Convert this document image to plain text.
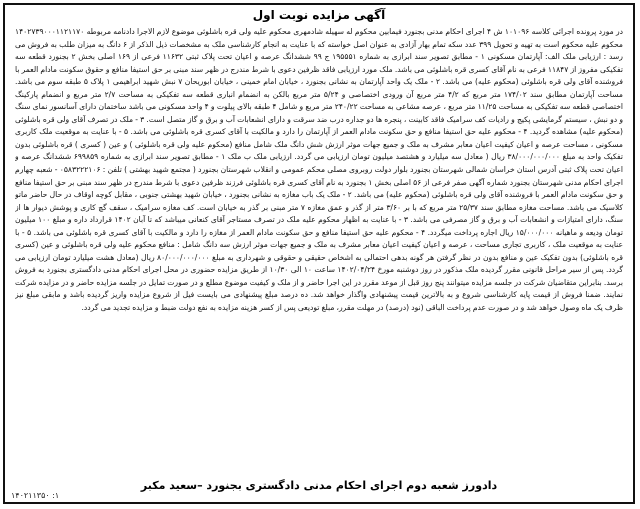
آگهی مزایده نوبت اول

در مورد پرونده اجرائی کلاسه ۱۰۱۰۹۶ ش ۴ اجرای احکام مدنی بجنورد فیمابین محکوم له سهیله شادمهری محکوم علیه ولی قره باشلوئی موضوع لازم الاجرا دادنامه مربوطه ۱۴۰۲۷۳۹۰۰۰۱۱۲۱۱۷۰ محکوم علیه محکوم است به تهیه و تحویل ۳۹۹ عدد سکه تمام بهار آزادی به عنوان اصل خواسته که با عنایت به انجام کارشناسی ملک به مشخصات ذیل الذکر از ۶ دانگ به میزان طلب به فروش می رسد : ارزیابی ملک الف: آپارتمان مسکونی ۱ - مطابق تصویر سند ابرازی به شماره ۱۹۵۵۵۱ ج ۹۹ ششدانگ عرصه و اعیان تحت پلاک ثبتی ۱۱۶۳۲ فرعی از ۱۶۹ اصلی بخش ۲ بجنورد قطعه سه تفکیکی مفروز از ۱۱۸۴۷ فرعی به نام آقای کسری قره باشلوئی می باشد. ملک مورد ارزیابی فاقد ظرفین دعوی با شرط مندرج در ظهر سند مبنی بر حق استیفا منافع و حقوق سکونت مادام العمر با فروشنده آقای ولی قره باشلوئی (محکوم علیه) می باشد. ۲ - ملک یک واحد آپارتمان به نشانی بجنورد ، خیابان امام خمینی ، خیابان ابوریحان ۷ نبش شهید ابراهیمی ۱ پلاک ۵ طبقه سوم می باشد. مساحت آپارتمان مطابق سند ۱۷۴/۰۲ متر مربع که ۴/۲ متر مربع آن ورودی اختصاصی و ۵/۲۴ متر مربع بالکن به انضمام انباری قطعه سه تفکیکی به مساحت ۲/۷ متر مربع و انضمام پارکینگ اختصاصی قطعه سه تفکیکی به مساحت ۱۱/۲۵ متر مربع ، عرصه مشاعی به مساحت ۲۴۰/۲۲ متر مربع و شامل ۴ طبقه بالای پیلوت و ۴ واحد مسکونی می باشد ساختمان دارای آسانسور نمای سنگ و دو نبش ، سیستم گرمایشی پکیج و رادیات کف سرامیک فاقد کابینت ، پنجره ها دو جداره درب ضد سرقت و دارای انشعابات آب و برق و گاز متصل است. ۳ - ملک در تصرف آقای ولی قره باشلوئی (محکوم علیه) مشاهده گردید. ۴ - محکوم علیه حق استیفا منافع و حق سکونت مادام العمر از آپارتمان را دارد و مالکیت با آقای کسری قره باشلوئی می باشد. ۵ - با عنایت به موقعیت ملک کاربری مسکونی ، مساحت عرصه و اعیان کیفیت اعیان معابر مشرف به ملک و جمیع جهات موثر ارزش شش دانگ ملک شامل منافع (محکوم علیه ولی قره باشلوئی ) و عین ( کسری ) قره باشلوئی بدون تفکیک واحد به مبلغ ۳۸/۰۰۰/۰۰۰/۰۰۰ ریال ( معادل سه میلیارد و هشتصد میلیون تومان ارزیابی می گردد. ارزیابی ملک ب ملک ۱ - مطابق تصویر سند ابرازی به شماره ۶۹۹۸۵۹ ششدانگ عرصه و اعیان تحت پلاک ثبتی آدرس استان خراسان شمالی شهرستان بجنورد بلوار دولت روبروی مصلی محکم عمومی و انقلاب شهرستان بجنورد ( مجتمع شهید بهشتی ) تلفن : ۰۵۸۳۲۲۲۱۰۶ - شعبه چهارم اجرای احکام مدنی شهرستان بجنورد شماره آگهی صفر فرعی از ۵۶ اصلی بخش ۱ بجنورد به نام آقای کسری قره باشلوئی فرزند ظرفین دعوی با شرط مندرج در ظهر سند مبنی بر حق استیفا منافع و حق سکونت مادام العمر با فروشنده آقای ولی قره باشلوئی (محکوم علیه) می باشد. ۲ - ملک یک باب مغازه به نشانی بجنورد ، خیابان شهید بهشتی جنوبی ، مقابل کوچه اوقاف در حال حاضر ماتو کلاسیک می باشد. مساحت مغازه مطابق سند ۲۵/۳۷ متر مربع که با بر ۳/۶۰ متر از گذر و عمق مغازه ۷ متر مبنی بر گذر به خیابان است. کف مغازه سرامیک ، سقف گچ کاری و پوشش دیوار ها از سنگ، دارای امتیازات و انشعابات آب و برق و گاز مصرفی می باشد. ۳ - با عنایت به اظهار محکوم علیه ملک در تصرف مستاجر آقای کنعانی میباشد که تا آبان ۱۴۰۲ قرارداد داره و مبلغ ۱۰۰ میلیون تومان ودیعه و ماهیانه ۱۵/۰۰۰/۰۰۰ ریال اجاره پرداخت میگردد. ۴ - محکوم علیه حق استیفا منافع و حق سکونت مادام العمر از مغازه را دارد و مالکیت با آقای کسری قره باشلوئی می باشد. ۵ - با عنایت به موقعیت ملک ، کاربری تجاری مساحت ، عرصه و اعیان کیفیت اعیان معابر مشرف به ملک و جمیع جهات موثر ارزش سه دانگ شامل : منافع محکوم علیه ولی قره باشلوئی و عین (کسری قره باشلوئی) بدون تفکیک عین و منافع بدون در نظر گرفتن هر گونه بدهی احتمالی به اشخاص حقیقی و حقوقی و شهرداری به مبلغ ۸۰/۰۰۰/۰۰۰/۰۰۰ ریال (معادل هشت میلیارد تومان ارزیابی می گردد. پس از سیر مراحل قانونی مقرر گردیده ملک مذکور در روز دوشنبه مورخ ۱۴۰۲/۰۴/۲۴ ساعت ۱۰ الی ۱۰/۳۰ از طریق مزایده حضوری در محل اجرای احکام مدنی دادگستری بجنورد به فروش برسد. بنابراین متقاضیان شرکت در جلسه مزایده میتوانند پنج روز قبل از موعد مقرر در این اجرا حاضر و از ملک و کیفیت موضوع مطلع و در صورت تمایل در جلسه مزایده حاضر و در مزایده شرکت نمایند. ضمنا فروش از قیمت پایه کارشناسی شروع و به بالاترین قیمت پیشنهادی واگذار خواهد شد. ده درصد مبلغ پیشنهادی می بایست فیل از شروع مزایده واریز گردیده باشد و مابقی مبلغ نیز ظرف یک ماه وصول خواهد شد و در صورت عدم پرداخت الباقی (نود (درصد) در مهلت مقرر، مبلغ تودیعی پس از کسر هزینه مزایده به نفع دولت ضبط و مزایده تجدید می گردد.

دادورز شعبه دوم اجرای احکام مدنی دادگستری بجنورد –سعید مکبر
۱۴۰۲۱۱۳۵۰ :۱
